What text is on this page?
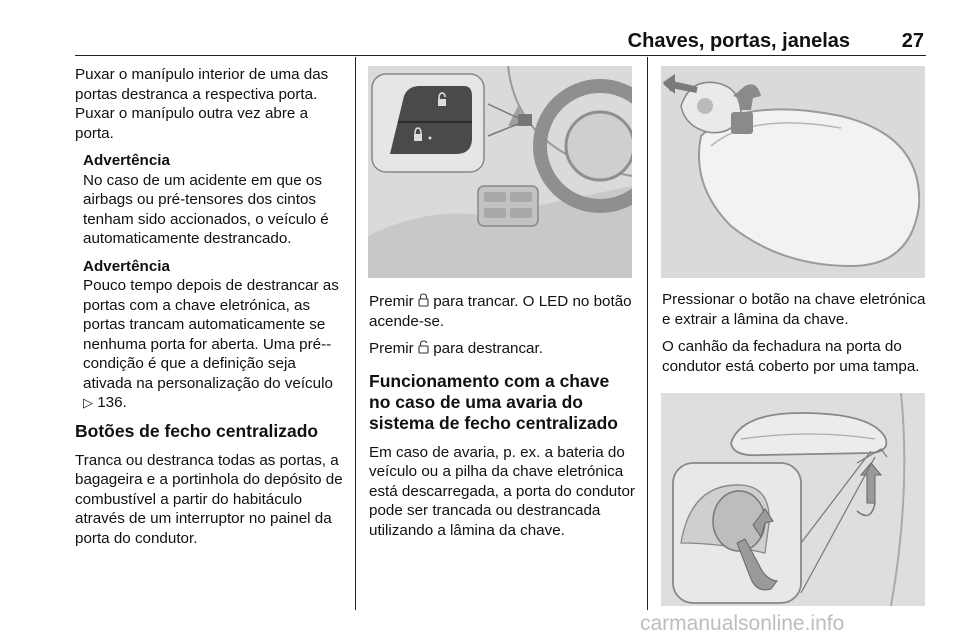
Chaves, portas, janelas	27

Puxar o manípulo interior de uma das portas destranca a respectiva porta. Puxar o manípulo outra vez abre a porta.

Advertência
No caso de um acidente em que os airbags ou pré-tensores dos cintos tenham sido accionados, o veículo é automaticamente destrancado.
Advertência
Pouco tempo depois de destrancar as portas com a chave eletrónica, as portas trancam automaticamente se nenhuma porta for aberta. Uma pré--condição é que a definição seja ativada na personalização do veículo ▷ 136.
Botões de fecho centralizado

Tranca ou destranca todas as portas, a bagageira e a portinhola do depósito de combustível a partir do habitáculo através de um interruptor no painel da porta do condutor.

Premir para trancar. O LED no botão acende-se.

Premir para destrancar.

Funcionamento com a chave no caso de uma avaria do sistema de fecho centralizado

Em caso de avaria, p. ex. a bateria do veículo ou a pilha da chave eletrónica está descarregada, a porta do condutor pode ser trancada ou destrancada utilizando a lâmina da chave.

Pressionar o botão na chave eletrónica e extrair a lâmina da chave.

O canhão da fechadura na porta do condutor está coberto por uma tampa.

carmanualsonline.info
